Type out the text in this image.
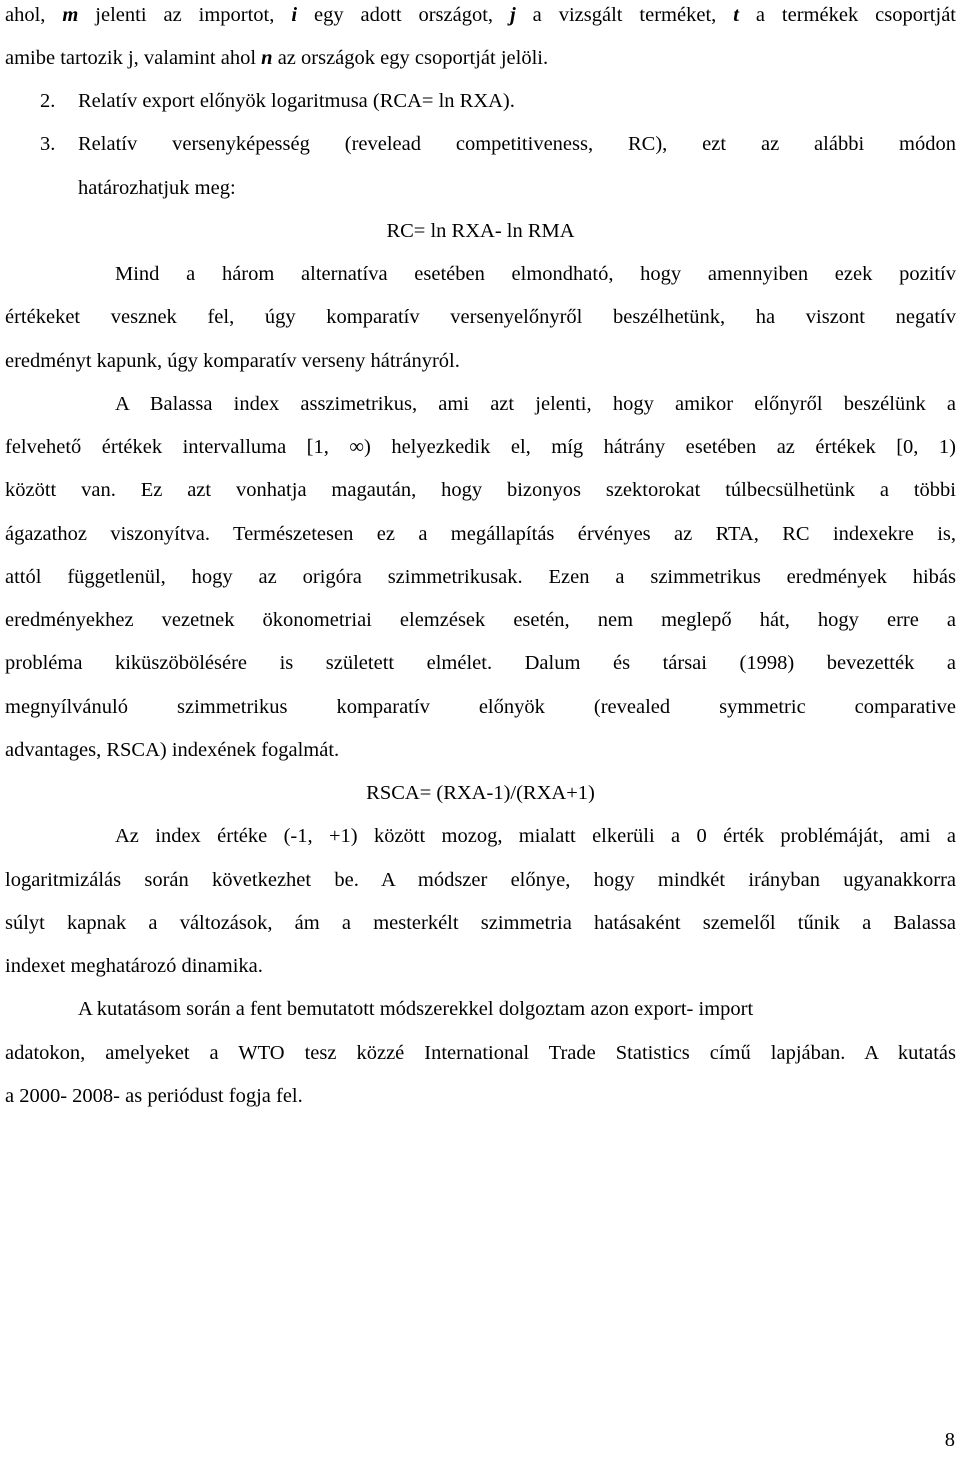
ahol, m jelenti az importot, i egy adott országot, j a vizsgált terméket, t a termékek csoportját
amibe tartozik j, valamint ahol n az országok egy csoportját jelöli.
2.	Relatív export előnyök logaritmusa (RCA= ln RXA).
3.	Relatív versenyképesség (revelead competitiveness, RC), ezt az alábbi módon
határozhatjuk meg:
RC= ln RXA- ln RMA
Mind a három alternatíva esetében elmondható, hogy amennyiben ezek pozitív
értékeket vesznek fel, úgy komparatív versenyelőnyről beszélhetünk, ha viszont negatív
eredményt kapunk, úgy komparatív verseny hátrányról.
A Balassa index asszimetrikus, ami azt jelenti, hogy amikor előnyről beszélünk a
felvehető értékek intervalluma [1, ∞) helyezkedik el, míg hátrány esetében az értékek [0, 1)
között van. Ez azt vonhatja magaután, hogy bizonyos szektorokat túlbecsülhetünk a többi
ágazathoz viszonyítva. Természetesen ez a megállapítás érvényes az RTA, RC indexekre is,
attól függetlenül, hogy az origóra szimmetrikusak. Ezen a szimmetrikus eredmények hibás
eredményekhez vezetnek ökonometriai elemzések esetén, nem meglepő hát, hogy erre a
probléma kiküszöbölésére is született elmélet. Dalum és társai (1998) bevezették a
megnyílvánuló szimmetrikus komparatív előnyök (revealed symmetric comparative
advantages, RSCA) indexének fogalmát.
RSCA= (RXA-1)/(RXA+1)
Az index értéke (-1, +1) között mozog, mialatt elkerüli a 0 érték problémáját, ami a
logaritmizálás során következhet be. A módszer előnye, hogy mindkét irányban ugyanakkorra
súlyt kapnak a változások, ám a mesterkélt szimmetria hatásaként szemelől tűnik a Balassa
indexet meghatározó dinamika.
A kutatásom során a fent bemutatott módszerekkel dolgoztam azon export- import
adatokon, amelyeket a WTO tesz közzé International Trade Statistics című lapjában. A kutatás
a 2000- 2008- as periódust fogja fel.
8
